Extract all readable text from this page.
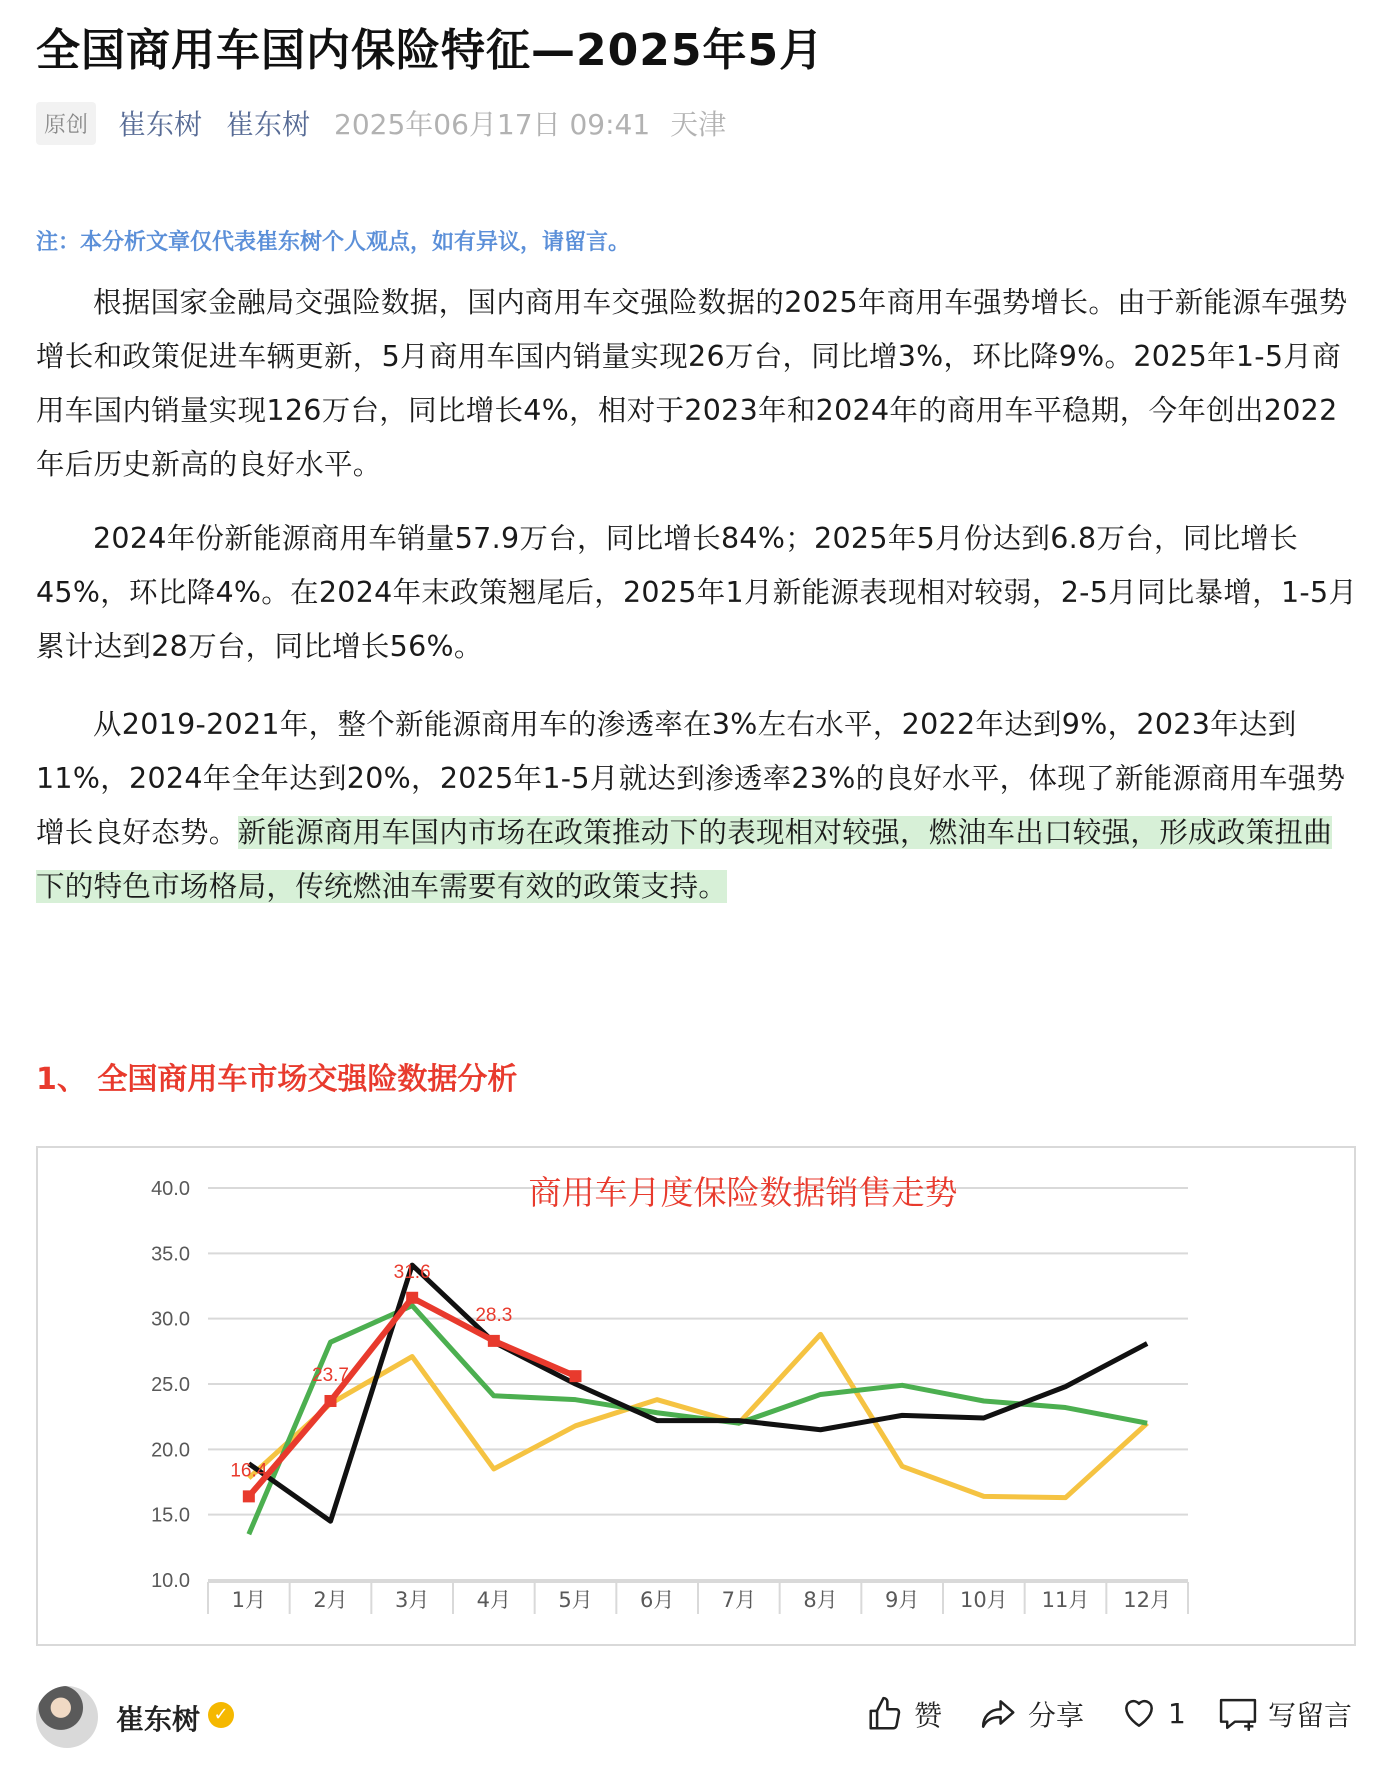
全国商用车国内保险特征—2025年5月
原创 崔东树 崔东树 2025年06月17日 09:41 天津
注：本分析文章仅代表崔东树个人观点，如有异议，请留言。

根据国家金融局交强险数据，国内商用车交强险数据的2025年商用车强势增长。由于新能源车强势增长和政策促进车辆更新，5月商用车国内销量实现26万台，同比增3%，环比降9%。2025年1-5月商用车国内销量实现126万台，同比增长4%，相对于2023年和2024年的商用车平稳期，今年创出2022年后历史新高的良好水平。

2024年份新能源商用车销量57.9万台，同比增长84%；2025年5月份达到6.8万台，同比增长45%，环比降4%。在2024年末政策翘尾后，2025年1月新能源表现相对较弱，2-5月同比暴增，1-5月累计达到28万台，同比增长56%。

从2019-2021年，整个新能源商用车的渗透率在3%左右水平，2022年达到9%，2023年达到11%，2024年全年达到20%，2025年1-5月就达到渗透率23%的良好水平，体现了新能源商用车强势增长良好态势。新能源商用车国内市场在政策推动下的表现相对较强，燃油车出口较强，形成政策扭曲下的特色市场格局，传统燃油车需要有效的政策支持。

1、 全国商用车市场交强险数据分析
10.0
15.0
20.0
25.0
30.0
35.0
40.0
1月 2月 3月 4月 5月 6月 7月 8月 9月 10月 11月 12月
商用车月度保险数据销售走势
16.4
23.7
31.6
28.3
崔东树 ✓	赞	分享	1	写留言
